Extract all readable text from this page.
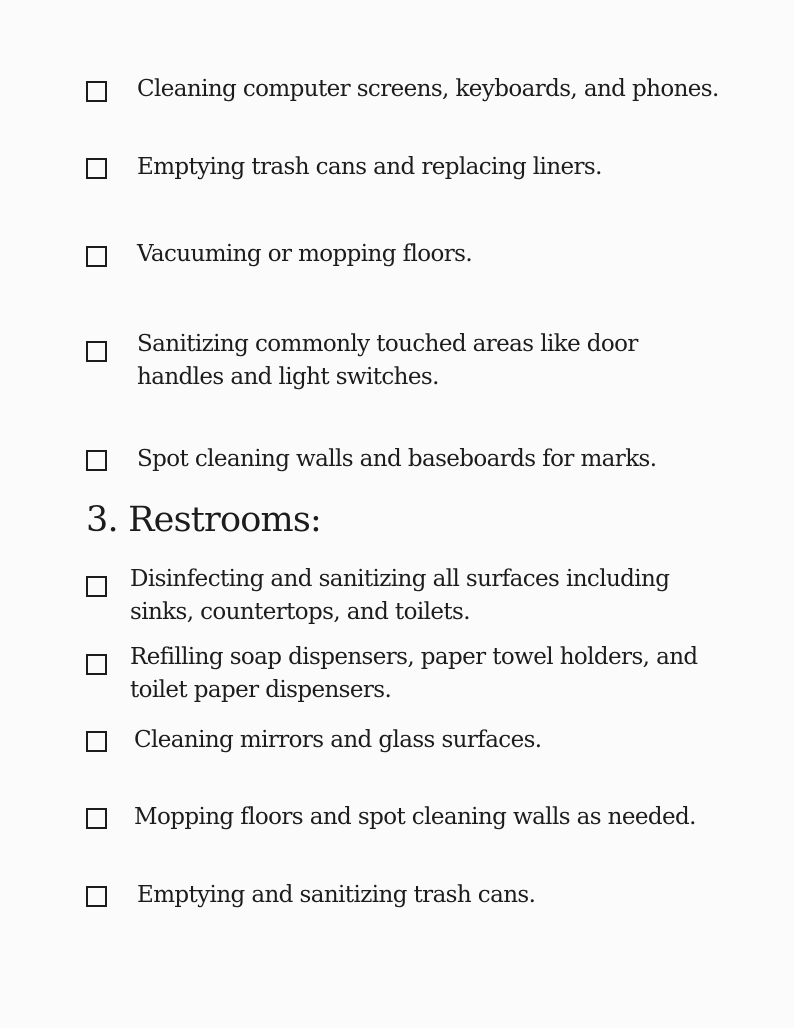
Cleaning computer screens, keyboards, and phones.
Emptying trash cans and replacing liners.
Vacuuming or mopping floors.
Sanitizing commonly touched areas like door
handles and light switches.
Spot cleaning walls and baseboards for marks.
3. Restrooms:
Disinfecting and sanitizing all surfaces including
sinks, countertops, and toilets.
Refilling soap dispensers, paper towel holders, and
toilet paper dispensers.
Cleaning mirrors and glass surfaces.
Mopping floors and spot cleaning walls as needed.
Emptying and sanitizing trash cans.
